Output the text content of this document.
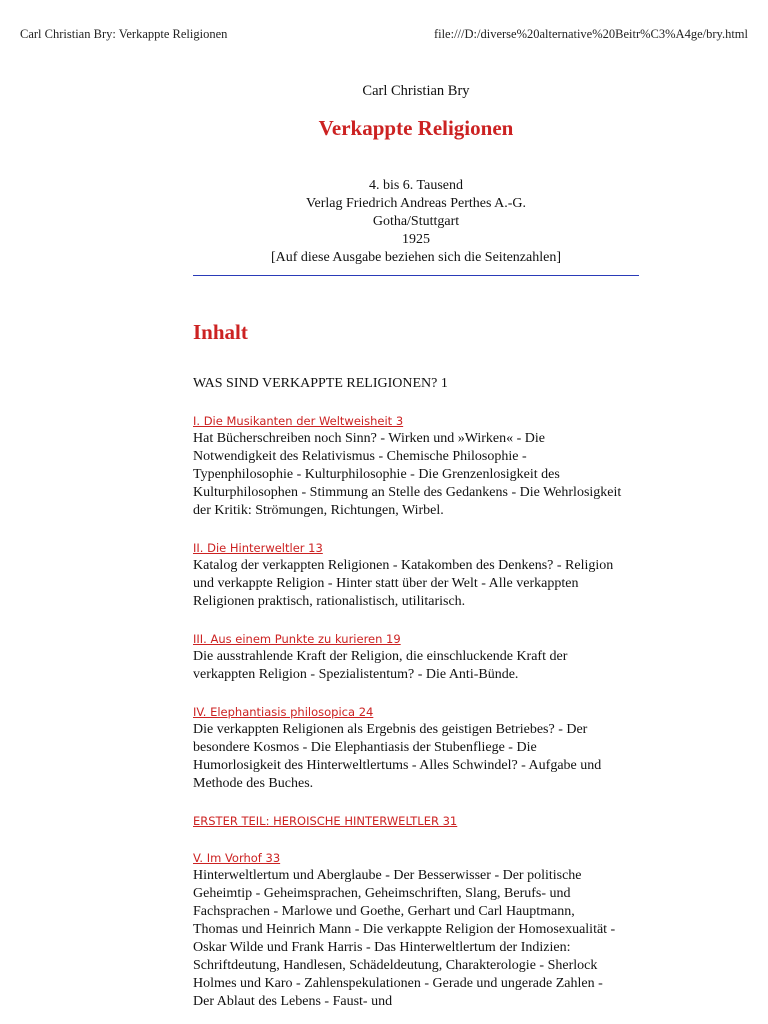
Carl Christian Bry: Verkappte Religionen	file:///D:/diverse%20alternative%20Beitr%C3%A4ge/bry.html
Carl Christian Bry
Verkappte Religionen
4. bis 6. Tausend
Verlag Friedrich Andreas Perthes A.-G.
Gotha/Stuttgart
1925
[Auf diese Ausgabe beziehen sich die Seitenzahlen]
Inhalt
WAS SIND VERKAPPTE RELIGIONEN? 1
I. Die Musikanten der Weltweisheit 3

Hat Bücherschreiben noch Sinn? - Wirken und »Wirken« - Die Notwendigkeit des Relativismus - Chemische Philosophie - Typenphilosophie - Kulturphilosophie - Die Grenzenlosigkeit des Kulturphilosophen - Stimmung an Stelle des Gedankens - Die Wehrlosigkeit der Kritik: Strömungen, Richtungen, Wirbel.

II. Die Hinterweltler 13

Katalog der verkappten Religionen - Katakomben des Denkens? - Religion und verkappte Religion - Hinter statt über der Welt - Alle verkappten Religionen praktisch, rationalistisch, utilitarisch.

III. Aus einem Punkte zu kurieren 19

Die ausstrahlende Kraft der Religion, die einschluckende Kraft der verkappten Religion - Spezialistentum? - Die Anti-Bünde.

IV. Elephantiasis philosopica 24

Die verkappten Religionen als Ergebnis des geistigen Betriebes? - Der besondere Kosmos - Die Elephantiasis der Stubenfliege - Die Humorlosigkeit des Hinterweltlertums - Alles Schwindel? - Aufgabe und Methode des Buches.

ERSTER TEIL: HEROISCHE HINTERWELTLER 31
V. Im Vorhof 33

Hinterweltlertum und Aberglaube - Der Besserwisser - Der politische Geheimtip - Geheimsprachen, Geheimschriften, Slang, Berufs- und Fachsprachen - Marlowe und Goethe, Gerhart und Carl Hauptmann, Thomas und Heinrich Mann - Die verkappte Religion der Homosexualität - Oskar Wilde und Frank Harris - Das Hinterweltlertum der Indizien: Schriftdeutung, Handlesen, Schädeldeutung, Charakterologie - Sherlock Holmes und Karo - Zahlenspekulationen - Gerade und ungerade Zahlen - Der Ablaut des Lebens - Faust- und
